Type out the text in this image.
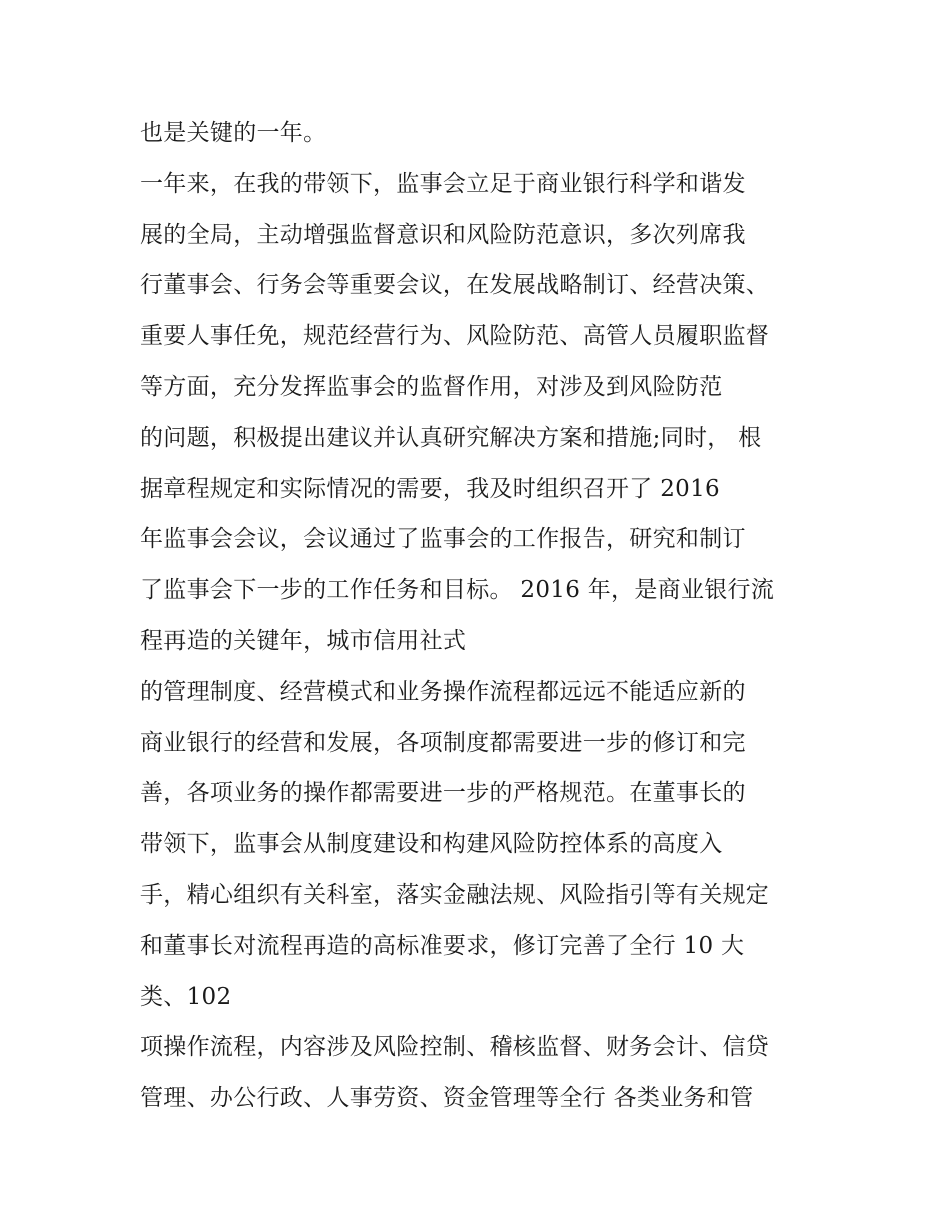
也是关键的一年。
一年来，在我的带领下，监事会立足于商业银行科学和谐发
展的全局，主动增强监督意识和风险防范意识，多次列席我
行董事会、行务会等重要会议，在发展战略制订、经营决策、
重要人事任免，规范经营行为、风险防范、高管人员履职监督
等方面，充分发挥监事会的监督作用，对涉及到风险防范
的问题，积极提出建议并认真研究解决方案和措施;同时， 根
据章程规定和实际情况的需要，我及时组织召开了 2016
年监事会会议，会议通过了监事会的工作报告，研究和制订
了监事会下一步的工作任务和目标。 2016 年，是商业银行流
程再造的关键年，城市信用社式
的管理制度、经营模式和业务操作流程都远远不能适应新的
商业银行的经营和发展，各项制度都需要进一步的修订和完
善，各项业务的操作都需要进一步的严格规范。在董事长的
带领下，监事会从制度建设和构建风险防控体系的高度入
手，精心组织有关科室，落实金融法规、风险指引等有关规定
和董事长对流程再造的高标准要求，修订完善了全行 10 大
类、102
项操作流程，内容涉及风险控制、稽核监督、财务会计、信贷
管理、办公行政、人事劳资、资金管理等全行 各类业务和管
